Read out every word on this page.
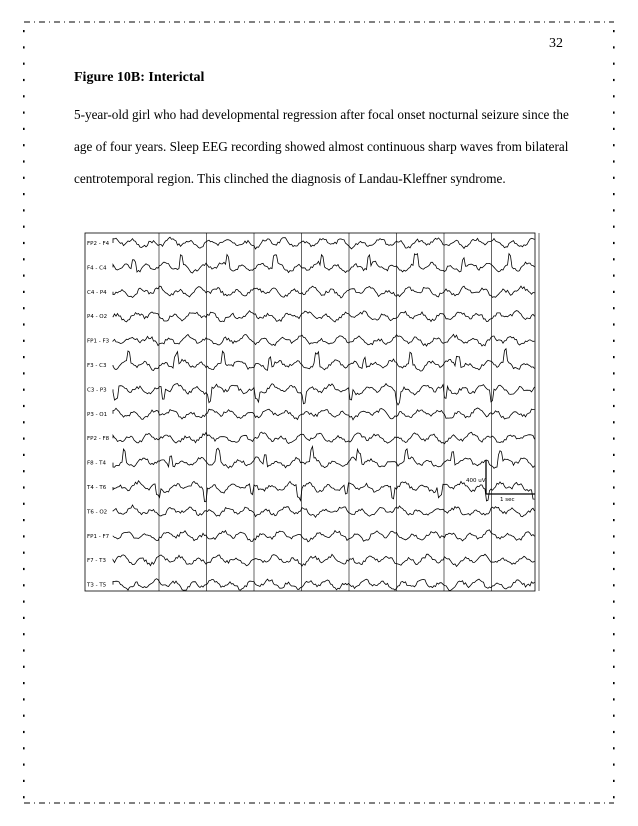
32
Figure 10B: Interictal
5-year-old girl who had developmental regression after focal onset nocturnal seizure since the
age of four years. Sleep EEG recording showed almost continuous sharp waves from bilateral
centrotemporal region. This clinched the diagnosis of Landau-Kleffner syndrome.
FP2 - F4
F4 - C4
C4 - P4
P4 - O2
FP1 - F3
F3 - C3
C3 - P3
P3 - O1
FP2 - F8
F8 - T4
T4 - T6
T6 - O2
FP1 - F7
F7 - T3
T3 - T5
400 uV
1 sec
